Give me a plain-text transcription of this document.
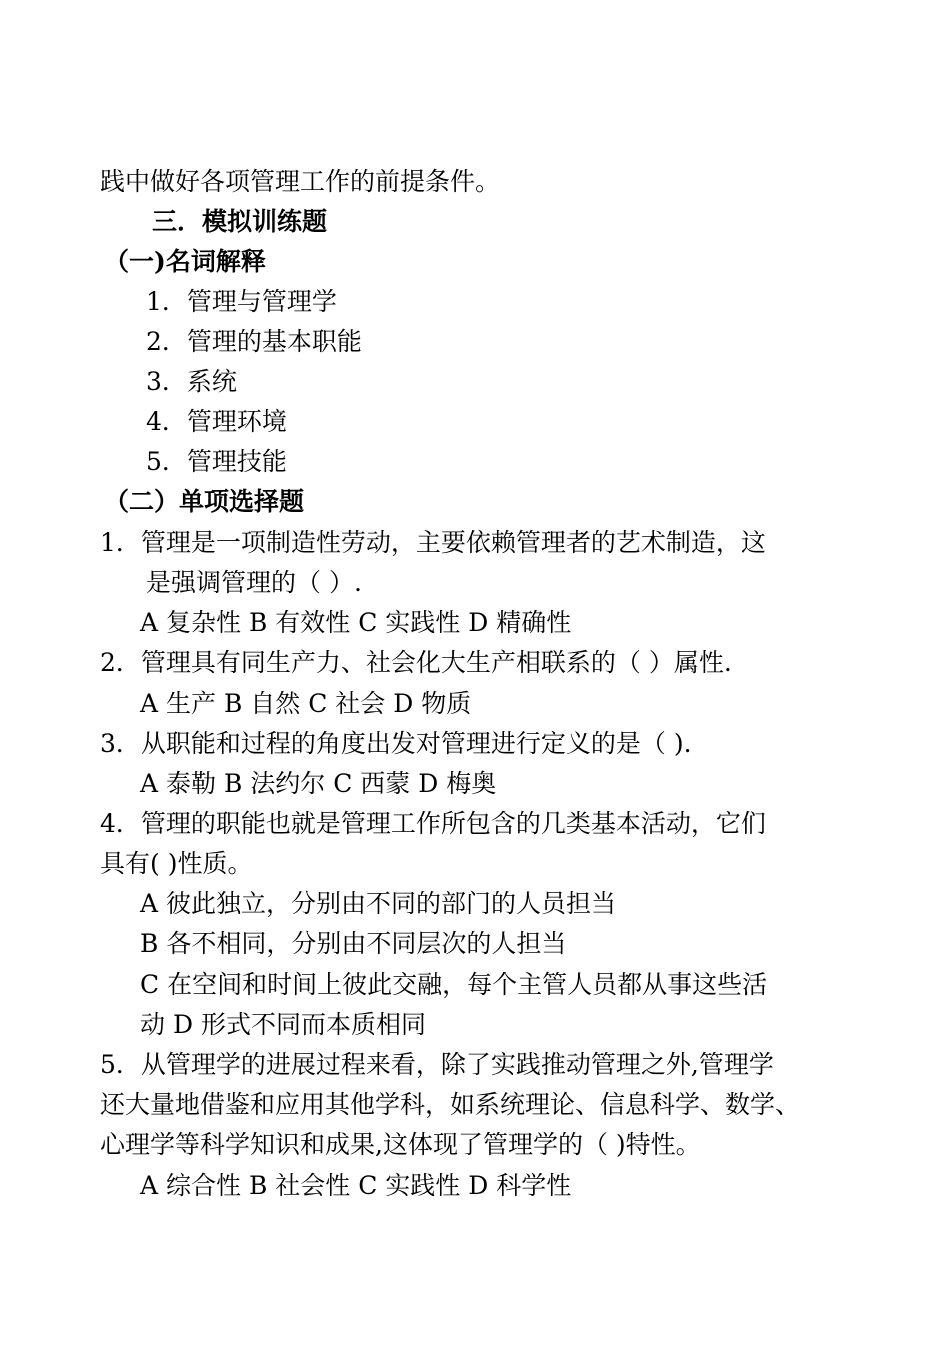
践中做好各项管理工作的前提条件。
三．模拟训练题
（一)名词解释
1．管理与管理学
2．管理的基本职能
3．系统
4．管理环境
5．管理技能
（二）单项选择题
1．管理是一项制造性劳动，主要依赖管理者的艺术制造，这
是强调管理的（ ）.
A 复杂性 B 有效性 C 实践性 D 精确性
2．管理具有同生产力、社会化大生产相联系的（ ）属性.
A 生产 B 自然 C 社会 D 物质
3．从职能和过程的角度出发对管理进行定义的是（ ).
A 泰勒 B 法约尔 C 西蒙 D 梅奥
4．管理的职能也就是管理工作所包含的几类基本活动，它们
具有( )性质。
A 彼此独立，分别由不同的部门的人员担当
B 各不相同，分别由不同层次的人担当
C 在空间和时间上彼此交融，每个主管人员都从事这些活
动 D 形式不同而本质相同
5．从管理学的进展过程来看，除了实践推动管理之外,管理学
还大量地借鉴和应用其他学科，如系统理论、信息科学、数学、
心理学等科学知识和成果,这体现了管理学的（ )特性。
A 综合性 B 社会性 C 实践性 D 科学性
